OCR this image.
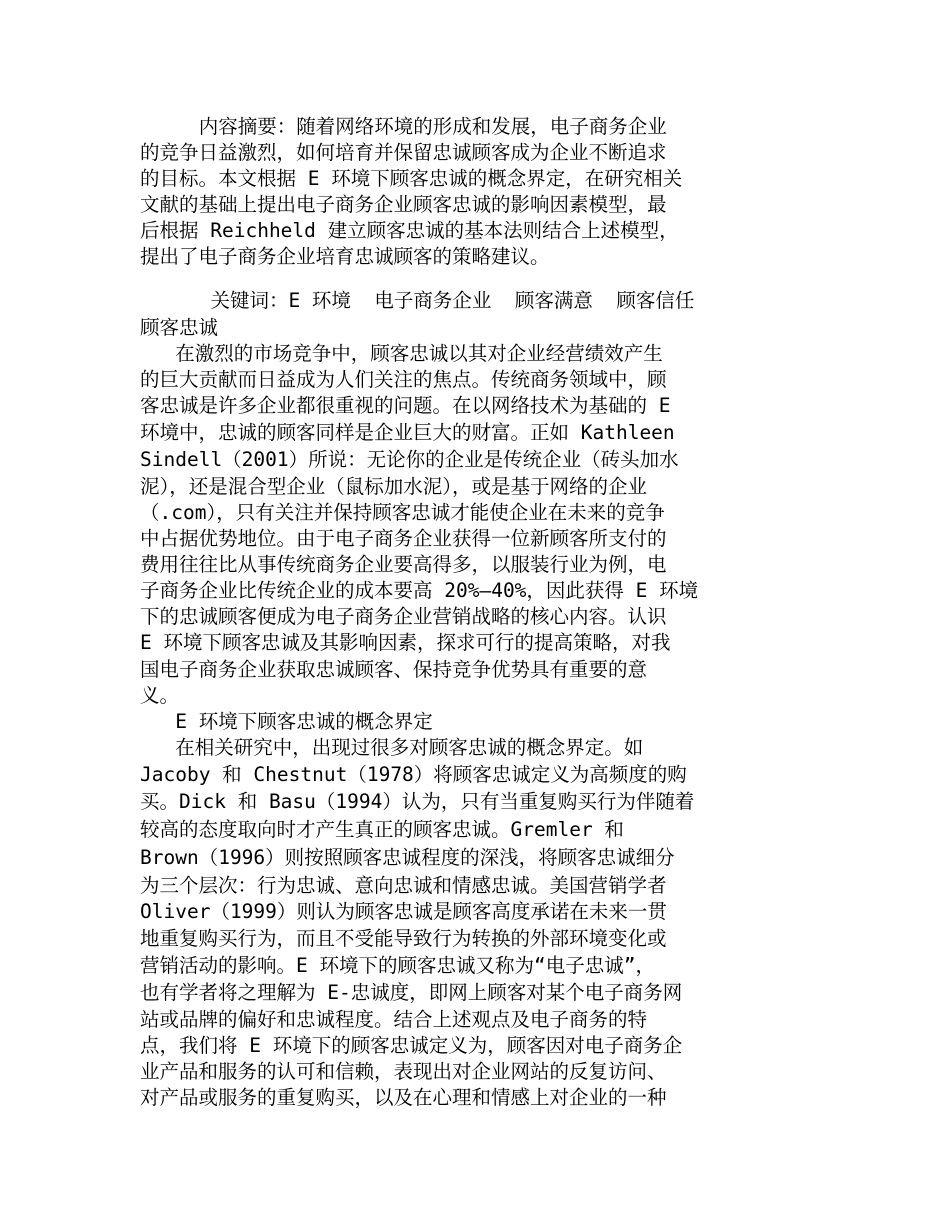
内容摘要：随着网络环境的形成和发展，电子商务企业
的竞争日益激烈，如何培育并保留忠诚顾客成为企业不断追求
的目标。本文根据 E 环境下顾客忠诚的概念界定，在研究相关
文献的基础上提出电子商务企业顾客忠诚的影响因素模型，最
后根据 Reichheld 建立顾客忠诚的基本法则结合上述模型，
提出了电子商务企业培育忠诚顾客的策略建议。
关键词：E 环境  电子商务企业  顾客满意  顾客信任
顾客忠诚
在激烈的市场竞争中，顾客忠诚以其对企业经营绩效产生
的巨大贡献而日益成为人们关注的焦点。传统商务领域中，顾
客忠诚是许多企业都很重视的问题。在以网络技术为基础的 E
环境中，忠诚的顾客同样是企业巨大的财富。正如 Kathleen
Sindell（2001）所说：无论你的企业是传统企业（砖头加水
泥），还是混合型企业（鼠标加水泥），或是基于网络的企业
（.com），只有关注并保持顾客忠诚才能使企业在未来的竞争
中占据优势地位。由于电子商务企业获得一位新顾客所支付的
费用往往比从事传统商务企业要高得多，以服装行业为例，电
子商务企业比传统企业的成本要高 20%—40%，因此获得 E 环境
下的忠诚顾客便成为电子商务企业营销战略的核心内容。认识
E 环境下顾客忠诚及其影响因素，探求可行的提高策略，对我
国电子商务企业获取忠诚顾客、保持竞争优势具有重要的意
义。
E 环境下顾客忠诚的概念界定
在相关研究中，出现过很多对顾客忠诚的概念界定。如
Jacoby 和 Chestnut（1978）将顾客忠诚定义为高频度的购
买。Dick 和 Basu（1994）认为，只有当重复购买行为伴随着
较高的态度取向时才产生真正的顾客忠诚。Gremler 和
Brown（1996）则按照顾客忠诚程度的深浅，将顾客忠诚细分
为三个层次：行为忠诚、意向忠诚和情感忠诚。美国营销学者
Oliver（1999）则认为顾客忠诚是顾客高度承诺在未来一贯
地重复购买行为，而且不受能导致行为转换的外部环境变化或
营销活动的影响。E 环境下的顾客忠诚又称为“电子忠诚”，
也有学者将之理解为 E-忠诚度，即网上顾客对某个电子商务网
站或品牌的偏好和忠诚程度。结合上述观点及电子商务的特
点，我们将 E 环境下的顾客忠诚定义为，顾客因对电子商务企
业产品和服务的认可和信赖，表现出对企业网站的反复访问、
对产品或服务的重复购买，以及在心理和情感上对企业的一种
